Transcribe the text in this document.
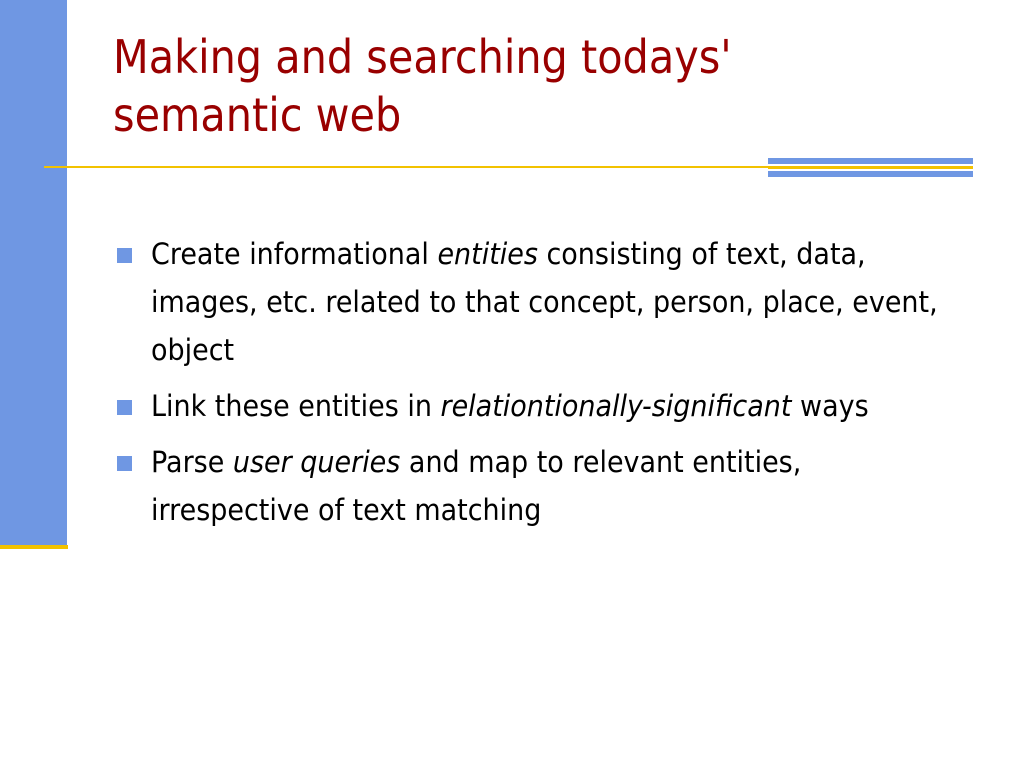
Making and searching todays' semantic web
Create informational entities consisting of text, data, images, etc. related to that concept, person, place, event, object
Link these entities in relationtionally-significant ways
Parse user queries and map to relevant entities, irrespective of text matching
